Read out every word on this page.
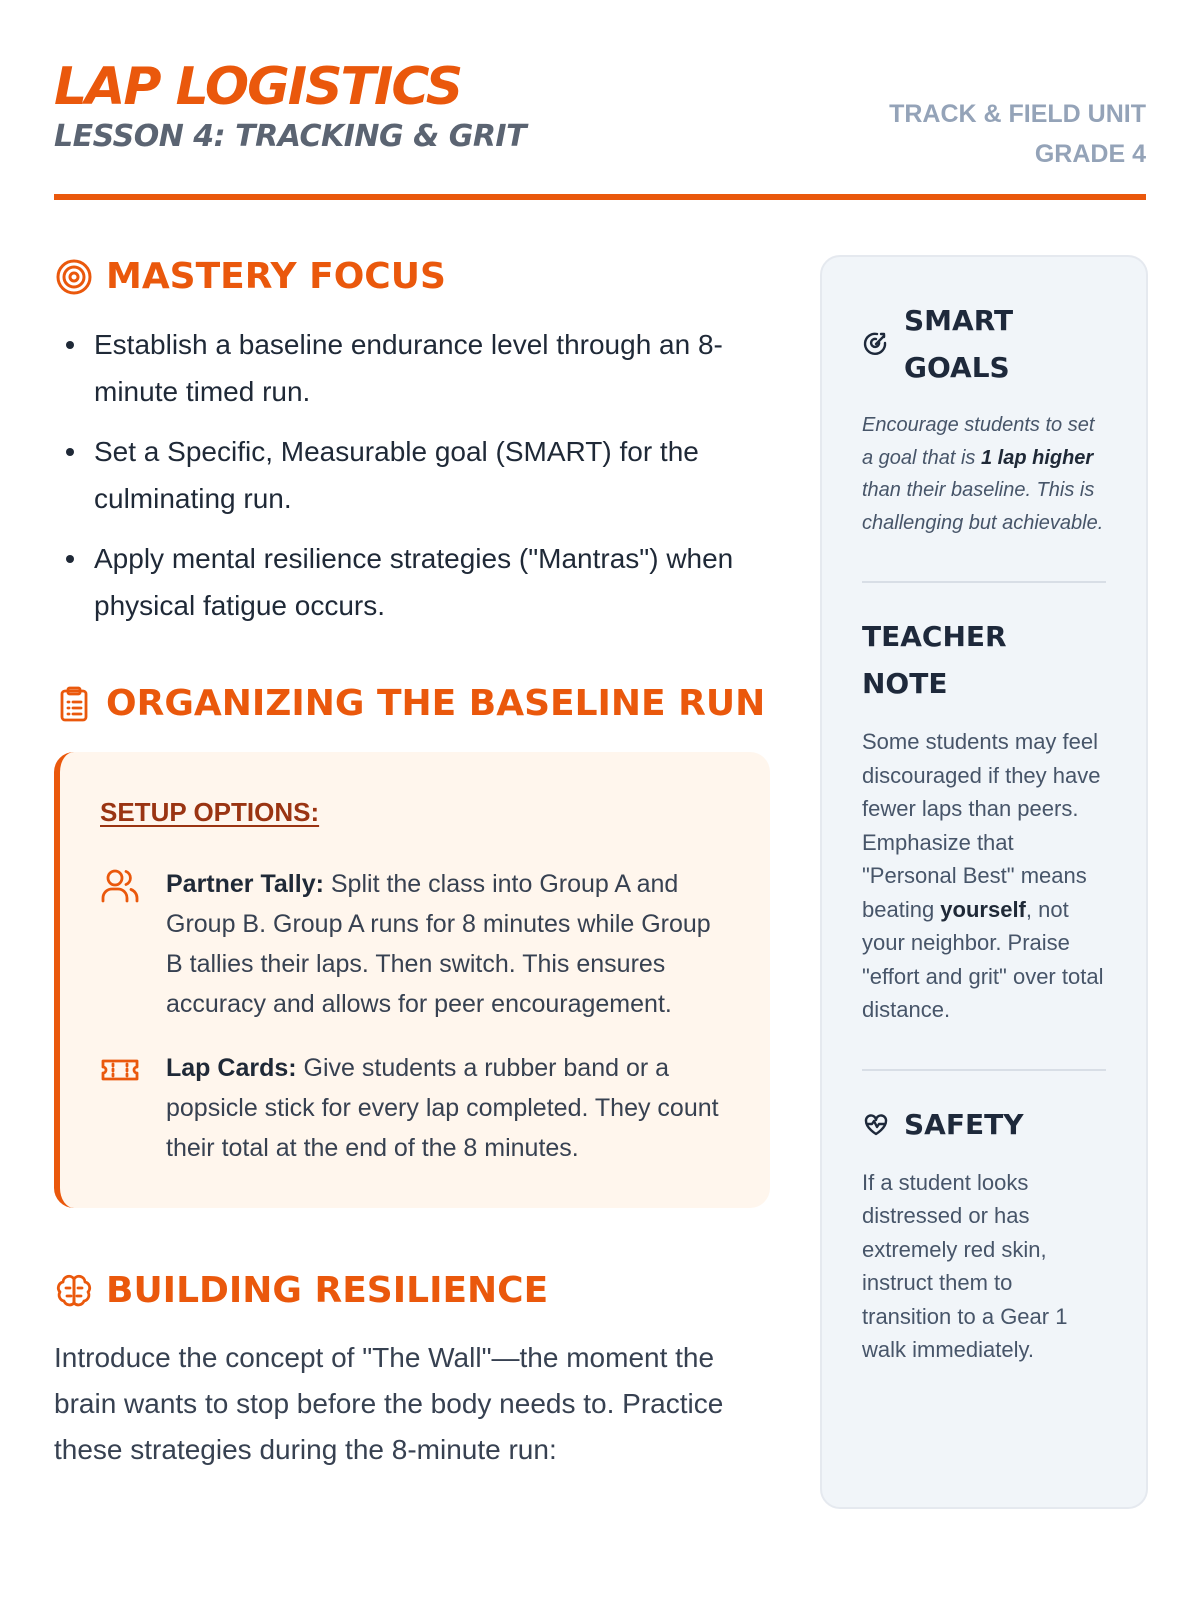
LAP LOGISTICS
LESSON 4: TRACKING & GRIT
TRACK & FIELD UNIT
GRADE 4
MASTERY FOCUS
Establish a baseline endurance level through an 8-minute timed run.
Set a Specific, Measurable goal (SMART) for the culminating run.
Apply mental resilience strategies ("Mantras") when physical fatigue occurs.
ORGANIZING THE BASELINE RUN
SETUP OPTIONS:
Partner Tally: Split the class into Group A and Group B. Group A runs for 8 minutes while Group B tallies their laps. Then switch. This ensures accuracy and allows for peer encouragement.
Lap Cards: Give students a rubber band or a popsicle stick for every lap completed. They count their total at the end of the 8 minutes.
BUILDING RESILIENCE

Introduce the concept of "The Wall"—the moment the brain wants to stop before the body needs to. Practice these strategies during the 8-minute run:

SMART GOALS

Encourage students to set a goal that is 1 lap higher than their baseline. This is challenging but achievable.

TEACHER NOTE

Some students may feel discouraged if they have fewer laps than peers. Emphasize that "Personal Best" means beating yourself, not your neighbor. Praise "effort and grit" over total distance.

SAFETY

If a student looks distressed or has extremely red skin, instruct them to transition to a Gear 1 walk immediately.
